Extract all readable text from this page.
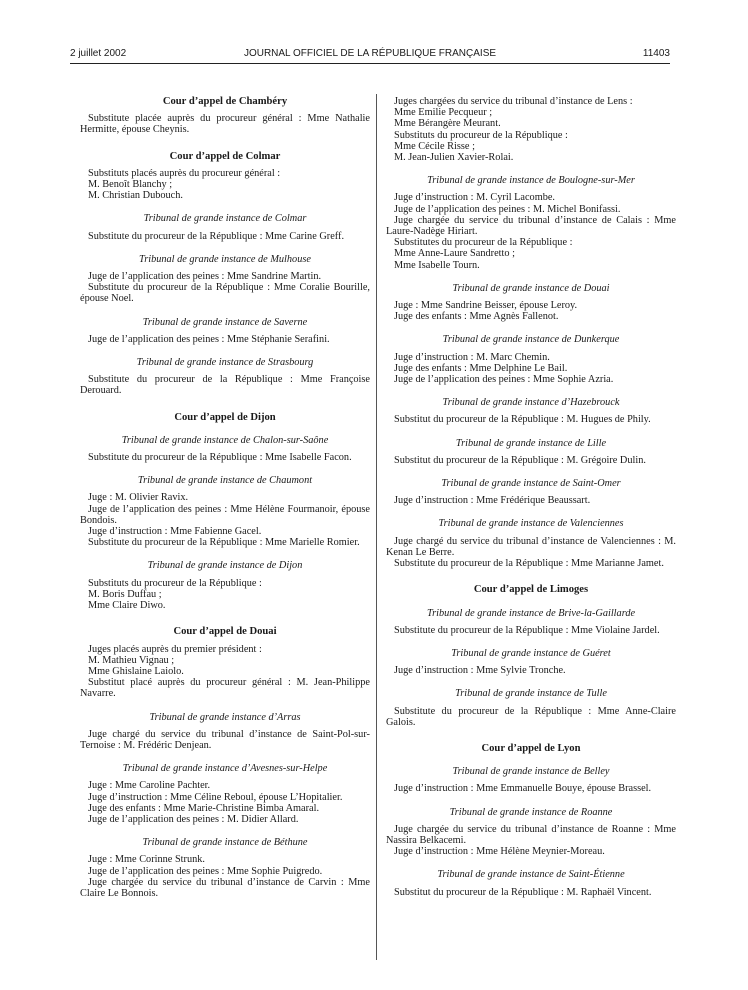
2 juillet 2002	JOURNAL OFFICIEL DE LA RÉPUBLIQUE FRANÇAISE	11403
Cour d’appel de Chambéry
Substitute placée auprès du procureur général : Mme Nathalie Hermitte, épouse Cheynis.
Cour d’appel de Colmar
Substituts placés auprès du procureur général :
M. Benoît Blanchy ;
M. Christian Dubouch.
Tribunal de grande instance de Colmar
Substitute du procureur de la République : Mme Carine Greff.
Tribunal de grande instance de Mulhouse
Juge de l’application des peines : Mme Sandrine Martin.
Substitute du procureur de la République : Mme Coralie Bourille, épouse Noel.
Tribunal de grande instance de Saverne
Juge de l’application des peines : Mme Stéphanie Serafini.
Tribunal de grande instance de Strasbourg
Substitute du procureur de la République : Mme Françoise Derouard.
Cour d’appel de Dijon
Tribunal de grande instance de Chalon-sur-Saône
Substitute du procureur de la République : Mme Isabelle Facon.
Tribunal de grande instance de Chaumont
Juge : M. Olivier Ravix.
Juge de l’application des peines : Mme Hélène Fourmanoir, épouse Bondois.
Juge d’instruction : Mme Fabienne Gacel.
Substitute du procureur de la République : Mme Marielle Romier.
Tribunal de grande instance de Dijon
Substituts du procureur de la République :
M. Boris Duffau ;
Mme Claire Diwo.
Cour d’appel de Douai
Juges placés auprès du premier président :
M. Mathieu Vignau ;
Mme Ghislaine Laiolo.
Substitut placé auprès du procureur général : M. Jean-Philippe Navarre.
Tribunal de grande instance d’Arras
Juge chargé du service du tribunal d’instance de Saint-Pol-sur-Ternoise : M. Frédéric Denjean.
Tribunal de grande instance d’Avesnes-sur-Helpe
Juge : Mme Caroline Pachter.
Juge d’instruction : Mme Céline Reboul, épouse L’Hopitalier.
Juge des enfants : Mme Marie-Christine Bimba Amaral.
Juge de l’application des peines : M. Didier Allard.
Tribunal de grande instance de Béthune
Juge : Mme Corinne Strunk.
Juge de l’application des peines : Mme Sophie Puigredo.
Juge chargée du service du tribunal d’instance de Carvin : Mme Claire Le Bonnois.
Juges chargées du service du tribunal d’instance de Lens :
Mme Emilie Pecqueur ;
Mme Bérangère Meurant.
Substituts du procureur de la République :
Mme Cécile Risse ;
M. Jean-Julien Xavier-Rolai.
Tribunal de grande instance de Boulogne-sur-Mer
Juge d’instruction : M. Cyril Lacombe.
Juge de l’application des peines : M. Michel Bonifassi.
Juge chargée du service du tribunal d’instance de Calais : Mme Laure-Nadège Hiriart.
Substitutes du procureur de la République :
Mme Anne-Laure Sandretto ;
Mme Isabelle Tourn.
Tribunal de grande instance de Douai
Juge : Mme Sandrine Beisser, épouse Leroy.
Juge des enfants : Mme Agnès Fallenot.
Tribunal de grande instance de Dunkerque
Juge d’instruction : M. Marc Chemin.
Juge des enfants : Mme Delphine Le Bail.
Juge de l’application des peines : Mme Sophie Azria.
Tribunal de grande instance d’Hazebrouck
Substitut du procureur de la République : M. Hugues de Phily.
Tribunal de grande instance de Lille
Substitut du procureur de la République : M. Grégoire Dulin.
Tribunal de grande instance de Saint-Omer
Juge d’instruction : Mme Frédérique Beaussart.
Tribunal de grande instance de Valenciennes
Juge chargé du service du tribunal d’instance de Valenciennes : M. Kenan Le Berre.
Substitute du procureur de la République : Mme Marianne Jamet.
Cour d’appel de Limoges
Tribunal de grande instance de Brive-la-Gaillarde
Substitute du procureur de la République : Mme Violaine Jardel.
Tribunal de grande instance de Guéret
Juge d’instruction : Mme Sylvie Tronche.
Tribunal de grande instance de Tulle
Substitute du procureur de la République : Mme Anne-Claire Galois.
Cour d’appel de Lyon
Tribunal de grande instance de Belley
Juge d’instruction : Mme Emmanuelle Bouye, épouse Brassel.
Tribunal de grande instance de Roanne
Juge chargée du service du tribunal d’instance de Roanne : Mme Nassira Belkacemi.
Juge d’instruction : Mme Hélène Meynier-Moreau.
Tribunal de grande instance de Saint-Étienne
Substitut du procureur de la République : M. Raphaël Vincent.
